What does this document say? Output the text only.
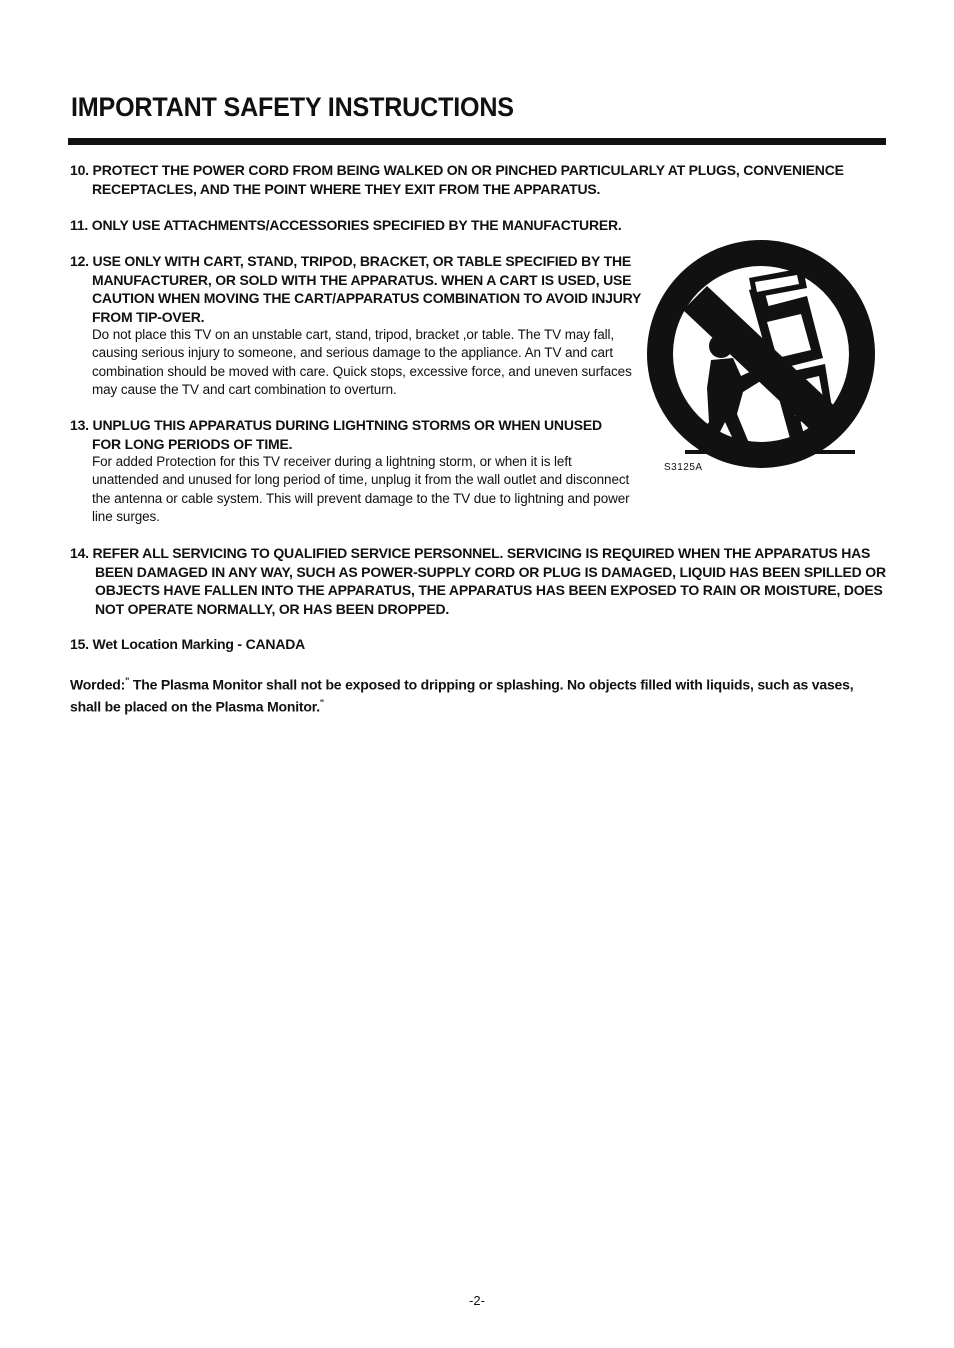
IMPORTANT SAFETY INSTRUCTIONS

10. PROTECT THE POWER CORD FROM BEING WALKED ON OR PINCHED PARTICULARLY AT PLUGS, CONVENIENCE RECEPTACLES, AND THE POINT WHERE THEY EXIT FROM THE APPARATUS.

11. ONLY USE ATTACHMENTS/ACCESSORIES SPECIFIED BY THE MANUFACTURER.

12. USE ONLY WITH CART, STAND, TRIPOD, BRACKET, OR TABLE SPECIFIED BY THE MANUFACTURER, OR SOLD WITH THE APPARATUS. WHEN A CART IS USED, USE CAUTION WHEN MOVING THE CART/APPARATUS COMBINATION TO AVOID INJURY FROM TIP-OVER.

Do not place this TV on an unstable cart, stand, tripod, bracket ,or table. The TV may fall, causing serious injury to someone, and serious damage to the appliance. An TV and cart combination should be moved with care. Quick stops, excessive force, and uneven surfaces may cause the TV and cart combination to overturn.

13. UNPLUG THIS APPARATUS DURING LIGHTNING STORMS OR WHEN UNUSED FOR LONG PERIODS OF TIME.

For added Protection for this TV receiver during a lightning storm, or when it is left unattended and unused for long period of time, unplug it from the wall outlet and disconnect the antenna or cable system. This will prevent damage to the TV due to lightning and power line surges.

S3125A

14. REFER ALL SERVICING TO QUALIFIED SERVICE PERSONNEL. SERVICING IS REQUIRED WHEN THE APPARATUS HAS BEEN DAMAGED IN ANY WAY, SUCH AS POWER-SUPPLY CORD OR PLUG IS DAMAGED, LIQUID HAS BEEN SPILLED OR OBJECTS HAVE FALLEN INTO THE APPARATUS, THE APPARATUS HAS BEEN EXPOSED TO RAIN OR MOISTURE, DOES NOT OPERATE NORMALLY, OR HAS BEEN DROPPED.

15. Wet Location Marking - CANADA

Worded:" The Plasma Monitor shall not be exposed to dripping or splashing. No objects filled with liquids, such as vases, shall be placed on the Plasma Monitor."

-2-
